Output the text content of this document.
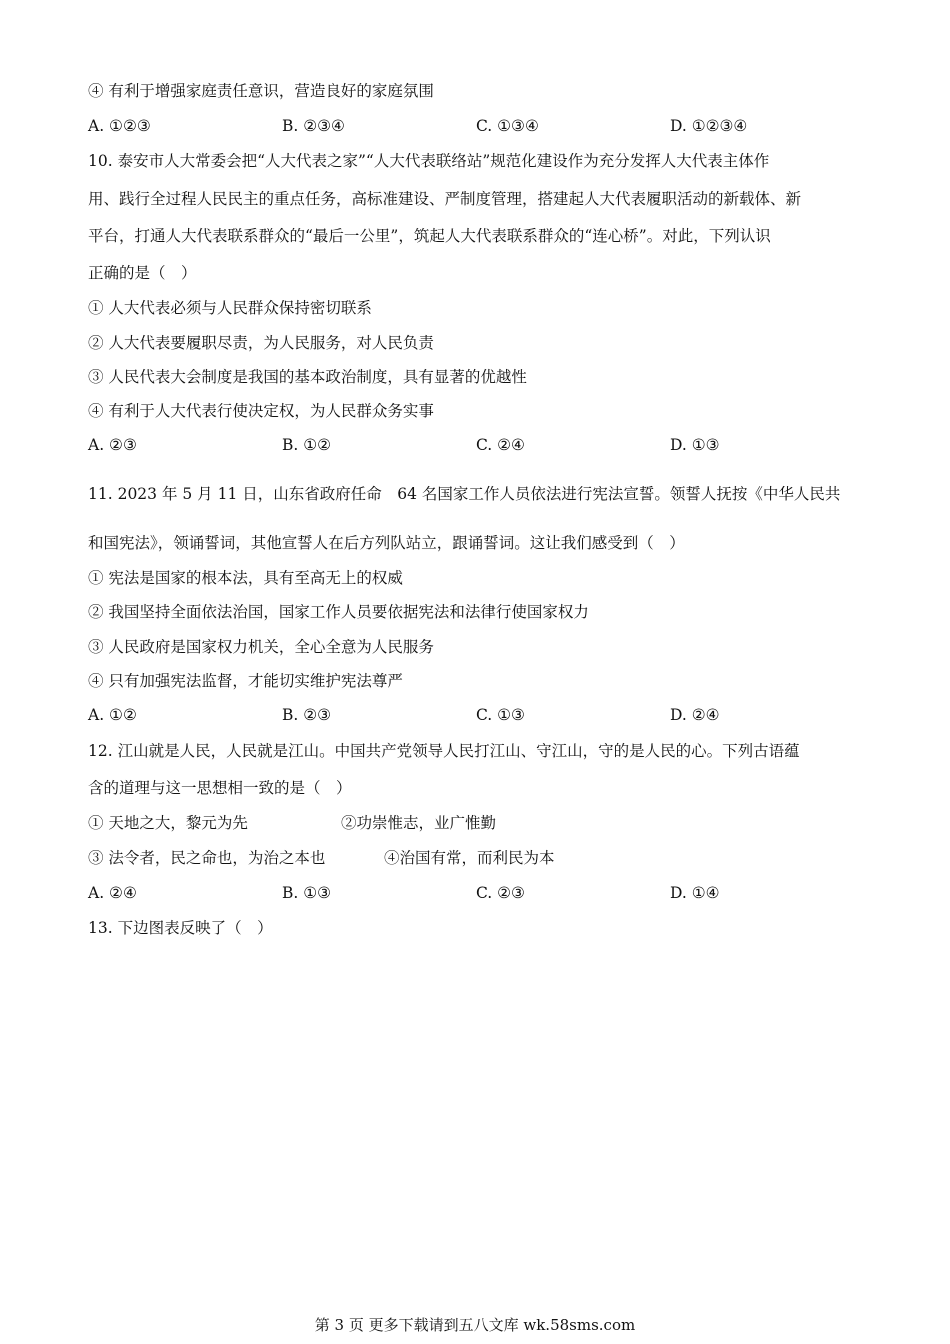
④ 有利于增强家庭责任意识，营造良好的家庭氛围
A. ①②③	B. ②③④	C. ①③④	D. ①②③④
10. 泰安市人大常委会把“人大代表之家”“人大代表联络站”规范化建设作为充分发挥人大代表主体作
用、践行全过程人民民主的重点任务，高标准建设、严制度管理，搭建起人大代表履职活动的新载体、新
平台，打通人大代表联系群众的“最后一公里”，筑起人大代表联系群众的“连心桥”。对此，下列认识
正确的是（　）
① 人大代表必须与人民群众保持密切联系
② 人大代表要履职尽责，为人民服务，对人民负责
③ 人民代表大会制度是我国的基本政治制度，具有显著的优越性
④ 有利于人大代表行使决定权，为人民群众务实事
A. ②③	B. ①②	C. ②④	D. ①③
11. 2023 年 5 月 11 日，山东省政府任命　64 名国家工作人员依法进行宪法宣誓。领誓人抚按《中华人民共
和国宪法》，领诵誓词，其他宣誓人在后方列队站立，跟诵誓词。这让我们感受到（　）
① 宪法是国家的根本法，具有至高无上的权威
② 我国坚持全面依法治国，国家工作人员要依据宪法和法律行使国家权力
③ 人民政府是国家权力机关，全心全意为人民服务
④ 只有加强宪法监督，才能切实维护宪法尊严
A. ①②	B. ②③	C. ①③	D. ②④
12. 江山就是人民，人民就是江山。中国共产党领导人民打江山、守江山，守的是人民的心。下列古语蕴
含的道理与这一思想相一致的是（　）
① 天地之大，黎元为先	②功崇惟志，业广惟勤
③ 法令者，民之命也，为治之本也	④治国有常，而利民为本
A. ②④	B. ①③	C. ②③	D. ①④
13. 下边图表反映了（　）
第 3 页 更多下载请到五八文库 wk.58sms.com
